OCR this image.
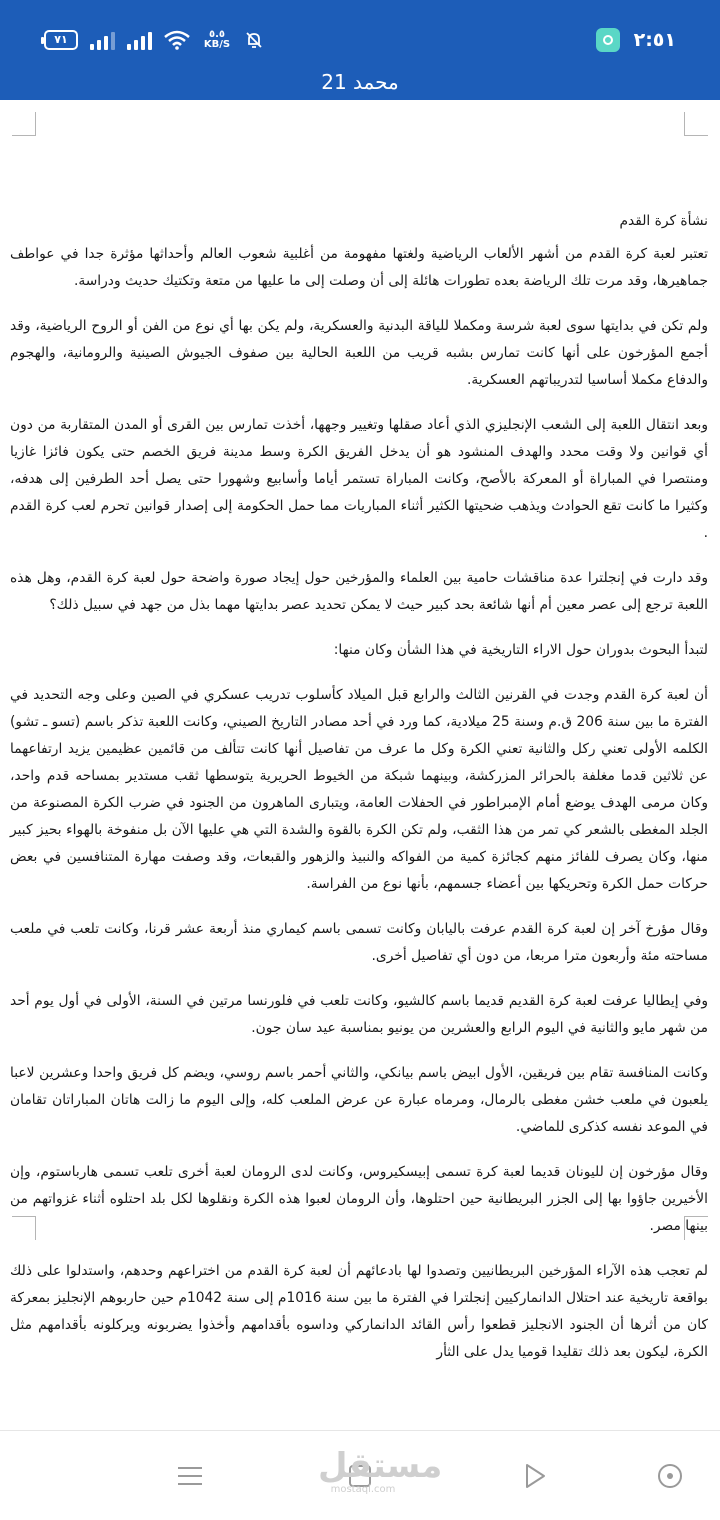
٧١	٥.٥
KB/S	٢:٥١
محمد 21
نشأة كرة القدم

تعتبر لعبة كرة القدم من أشهر الألعاب الرياضية ولغتها مفهومة من أغلبية شعوب العالم وأحداثها مؤثرة جدا في عواطف جماهيرها، وقد مرت تلك الرياضة بعده تطورات هائلة إلى أن وصلت إلى ما عليها من متعة وتكتيك حديث ودراسة.

ولم تكن في بدايتها سوى لعبة شرسة ومكملا للياقة البدنية والعسكرية، ولم يكن بها أي نوع من الفن أو الروح الرياضية، وقد أجمع المؤرخون على أنها كانت تمارس بشبه قريب من اللعبة الحالية بين صفوف الجيوش الصينية والرومانية، والهجوم والدفاع مكملا أساسيا لتدريباتهم العسكرية.

وبعد انتقال اللعبة إلى الشعب الإنجليزي الذي أعاد صقلها وتغيير وجهها، أخذت تمارس بين القرى أو المدن المتقاربة من دون أي قوانين ولا وقت محدد والهدف المنشود هو أن يدخل الفريق الكرة وسط مدينة فريق الخصم حتى يكون فائزا غازيا ومنتصرا في المباراة أو المعركة بالأصح، وكانت المباراة تستمر أياما وأسابيع وشهورا حتى يصل أحد الطرفين إلى هدفه، وكثيرا ما كانت تقع الحوادث ويذهب ضحيتها الكثير أثناء المباريات مما حمل الحكومة إلى إصدار قوانين تحرم لعب كرة القدم .

وقد دارت في إنجلترا عدة مناقشات حامية بين العلماء والمؤرخين حول إيجاد صورة واضحة حول لعبة كرة القدم، وهل هذه اللعبة ترجع إلى عصر معين أم أنها شائعة بحد كبير حيث لا يمكن تحديد عصر بدايتها مهما بذل من جهد في سبيل ذلك؟

لتبدأ البحوث بدوران حول الاراء التاريخية في هذا الشأن وكان منها:

أن لعبة كرة القدم وجدت في القرنين الثالث والرابع قبل الميلاد كأسلوب تدريب عسكري في الصين وعلى وجه التحديد في الفترة ما بين سنة 206 ق.م وسنة 25 ميلادية، كما ورد في أحد مصادر التاريخ الصيني، وكانت اللعبة تذكر باسم (تسو ـ تشو) الكلمه الأولى تعني ركل والثانية تعني الكرة وكل ما عرف من تفاصيل أنها كانت تتألف من قائمين عظيمين يزيد ارتفاعهما عن ثلاثين قدما مغلفة بالحرائر المزركشة، وبينهما شبكة من الخيوط الحريرية يتوسطها ثقب مستدير بمساحه قدم واحد، وكان مرمى الهدف يوضع أمام الإمبراطور في الحفلات العامة، ويتبارى الماهرون من الجنود في ضرب الكرة المصنوعة من الجلد المغطى بالشعر كي تمر من هذا الثقب، ولم تكن الكرة بالقوة والشدة التي هي عليها الآن بل منفوخة بالهواء بحيز كبير منها، وكان يصرف للفائز منهم كجائزة كمية من الفواكه والنبيذ والزهور والقبعات، وقد وصفت مهارة المتنافسين في بعض حركات حمل الكرة وتحريكها بين أعضاء جسمهم، بأنها نوع من الفراسة.

وقال مؤرخ آخر إن لعبة كرة القدم عرفت باليابان وكانت تسمى باسم كيماري منذ أربعة عشر قرنا، وكانت تلعب في ملعب مساحته مئة وأربعون مترا مربعا، من دون أي تفاصيل أخرى.

وفي إيطاليا عرفت لعبة كرة القديم قديما باسم كالشيو، وكانت تلعب في فلورنسا مرتين في السنة، الأولى في أول يوم أحد من شهر مايو والثانية في اليوم الرابع والعشرين من يونيو بمناسبة عيد سان جون.

وكانت المنافسة تقام بين فريقين، الأول ابيض باسم بيانكي، والثاني أحمر باسم روسي، ويضم كل فريق واحدا وعشرين لاعبا يلعبون في ملعب خشن مغطى بالرمال، ومرماه عبارة عن عرض الملعب كله، وإلى اليوم ما زالت هاتان المباراتان تقامان في الموعد نفسه كذكرى للماضي.

وقال مؤرخون إن لليونان قديما لعبة كرة تسمى إبيسكيروس، وكانت لدى الرومان لعبة أخرى تلعب تسمى هارباستوم، وإن الأخيرين جاؤوا بها إلى الجزر البريطانية حين احتلوها، وأن الرومان لعبوا هذه الكرة ونقلوها لكل بلد احتلوه أثناء غزواتهم من بينها مصر.

لم تعجب هذه الآراء المؤرخين البريطانيين وتصدوا لها بادعائهم أن لعبة كرة القدم من اختراعهم وحدهم، واستدلوا على ذلك بواقعة تاريخية عند احتلال الدانماركيين إنجلترا في الفترة ما بين سنة 1016م إلى سنة 1042م حين حاربوهم الإنجليز بمعركة كان من أثرها أن الجنود الانجليز قطعوا رأس القائد الدانماركي وداسوه بأقدامهم وأخذوا يضربونه ويركلونه بأقدامهم مثل الكرة، ليكون بعد ذلك تقليدا قوميا يدل على الثأر

مستقل
mostaql.com
